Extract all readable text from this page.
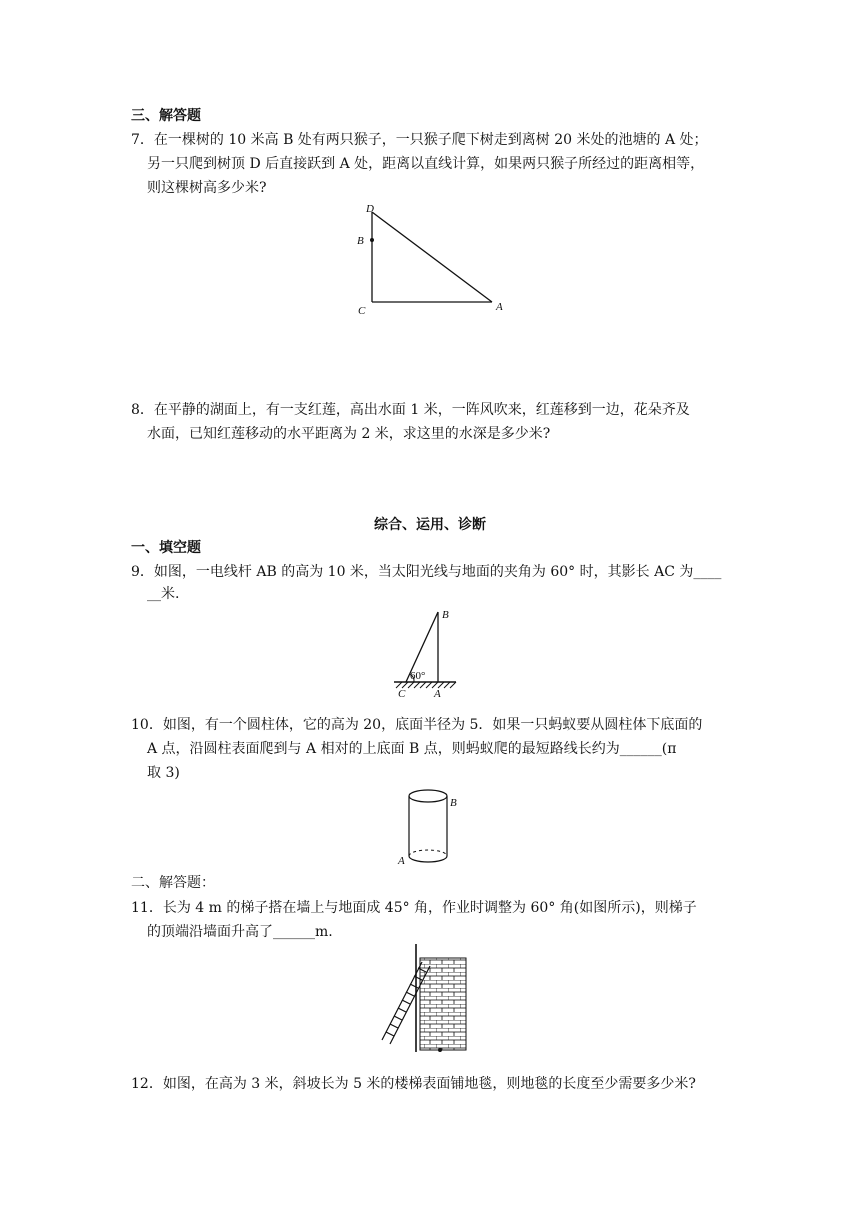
三、解答题
7．在一棵树的 10 米高 B 处有两只猴子，一只猴子爬下树走到离树 20 米处的池塘的 A 处；
另一只爬到树顶 D 后直接跃到 A 处，距离以直线计算，如果两只猴子所经过的距离相等，
则这棵树高多少米?
D
B
C	A
8．在平静的湖面上，有一支红莲，高出水面 1 米，一阵风吹来，红莲移到一边，花朵齐及
水面，已知红莲移动的水平距离为 2 米，求这里的水深是多少米?
综合、运用、诊断
一、填空题
9．如图，一电线杆 AB 的高为 10 米，当太阳光线与地面的夹角为 60° 时，其影长 AC 为____
__米.
60°
B
C	A
10．如图，有一个圆柱体，它的高为 20，底面半径为 5．如果一只蚂蚁要从圆柱体下底面的
A 点，沿圆柱表面爬到与 A 相对的上底面 B 点，则蚂蚁爬的最短路线长约为______(π
取 3)
B
A
二、解答题：
11．长为 4 m 的梯子搭在墙上与地面成 45° 角，作业时调整为 60° 角(如图所示)，则梯子
的顶端沿墙面升高了______m.
12．如图，在高为 3 米，斜坡长为 5 米的楼梯表面铺地毯，则地毯的长度至少需要多少米?
